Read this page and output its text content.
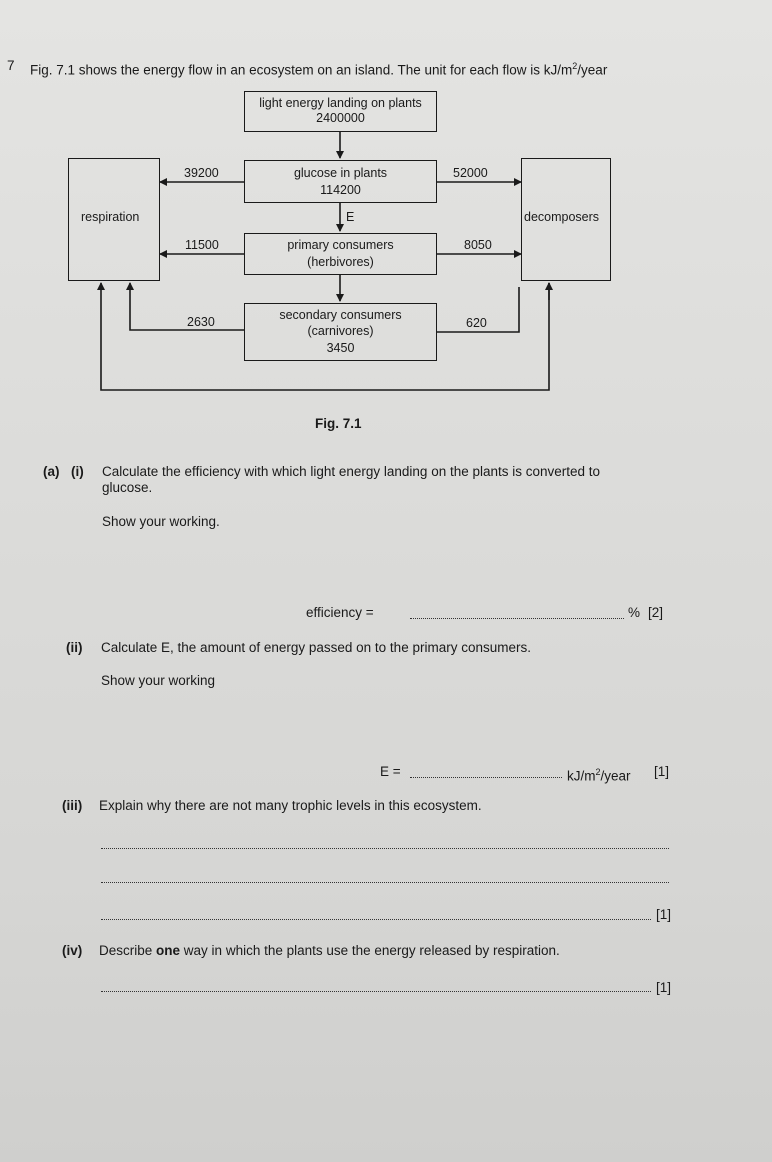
7 Fig. 7.1 shows the energy flow in an ecosystem on an island. The unit for each flow is $kJ/m^2$/year
light energy landing on plants
2400000
glucose in plants
114200
E
primary consumers
(herbivores)
secondary consumers
(carnivores)
3450
respiration	decomposers
39200	52000
11500	8050
2630	620
Fig. 7.1
(a) (i) Calculate the efficiency with which light energy landing on the plants is converted to
glucose.
Show your working.
efficiency =	% [2]
(ii) Calculate E, the amount of energy passed on to the primary consumers.
Show your working
E =	$kJ/m^2$/year [1]
(iii) Explain why there are not many trophic levels in this ecosystem.
[1]
(iv) Describe one way in which the plants use the energy released by respiration.
[1]
